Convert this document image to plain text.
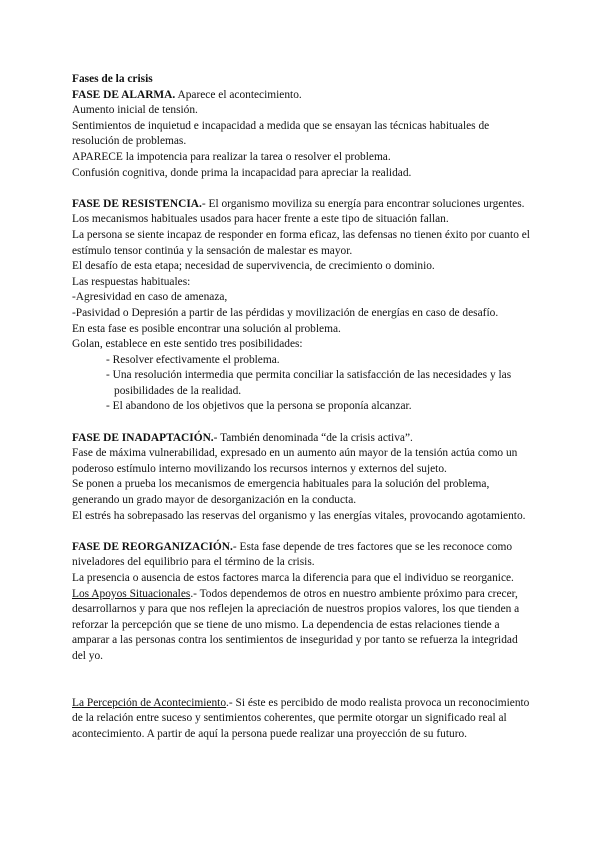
Fases de la crisis

FASE DE ALARMA. Aparece el acontecimiento.

Aumento inicial de tensión.

Sentimientos de inquietud e incapacidad a medida que se ensayan las técnicas habituales de resolución de problemas.

APARECE la impotencia para realizar la tarea o resolver el problema.

Confusión cognitiva, donde prima la incapacidad para apreciar la realidad.

FASE DE RESISTENCIA.- El organismo moviliza su energía para encontrar soluciones urgentes.

Los mecanismos habituales usados para hacer frente a este tipo de situación fallan.

La persona se siente incapaz de responder en forma eficaz, las defensas no tienen éxito por cuanto el estímulo tensor continúa y la sensación de malestar es mayor.

El desafío de esta etapa; necesidad de supervivencia, de crecimiento o dominio.

Las respuestas habituales:

-Agresividad en caso de amenaza,

-Pasividad o Depresión a partir de las pérdidas y movilización de energías en caso de desafío.

En esta fase es posible encontrar una solución al problema.

Golan, establece en este sentido tres posibilidades:

- Resolver efectivamente el problema.

- Una resolución intermedia que permita conciliar la satisfacción de las necesidades y las posibilidades de la realidad.

- El abandono de los objetivos que la persona se proponía alcanzar.

FASE DE INADAPTACIÓN.- También denominada “de la crisis activa”.

Fase de máxima vulnerabilidad, expresado en un aumento aún mayor de la tensión actúa como un poderoso estímulo interno movilizando los recursos internos y externos del sujeto.

Se ponen a prueba los mecanismos de emergencia habituales para la solución del problema, generando un grado mayor de desorganización en la conducta.

El estrés ha sobrepasado las reservas del organismo y las energías vitales, provocando agotamiento.

FASE DE REORGANIZACIÓN.- Esta fase depende de tres factores que se les reconoce como niveladores del equilibrio para el término de la crisis.

La presencia o ausencia de estos factores marca la diferencia para que el individuo se reorganice.

Los Apoyos Situacionales.- Todos dependemos de otros en nuestro ambiente próximo para crecer, desarrollarnos y para que nos reflejen la apreciación de nuestros propios valores, los que tienden a reforzar la percepción que se tiene de uno mismo. La dependencia de estas relaciones tiende a amparar a las personas contra los sentimientos de inseguridad y por tanto se refuerza la integridad del yo.

La Percepción de Acontecimiento.- Si éste es percibido de modo realista provoca un reconocimiento de la relación entre suceso y sentimientos coherentes, que permite otorgar un significado real al acontecimiento. A partir de aquí la persona puede realizar una proyección de su futuro.
